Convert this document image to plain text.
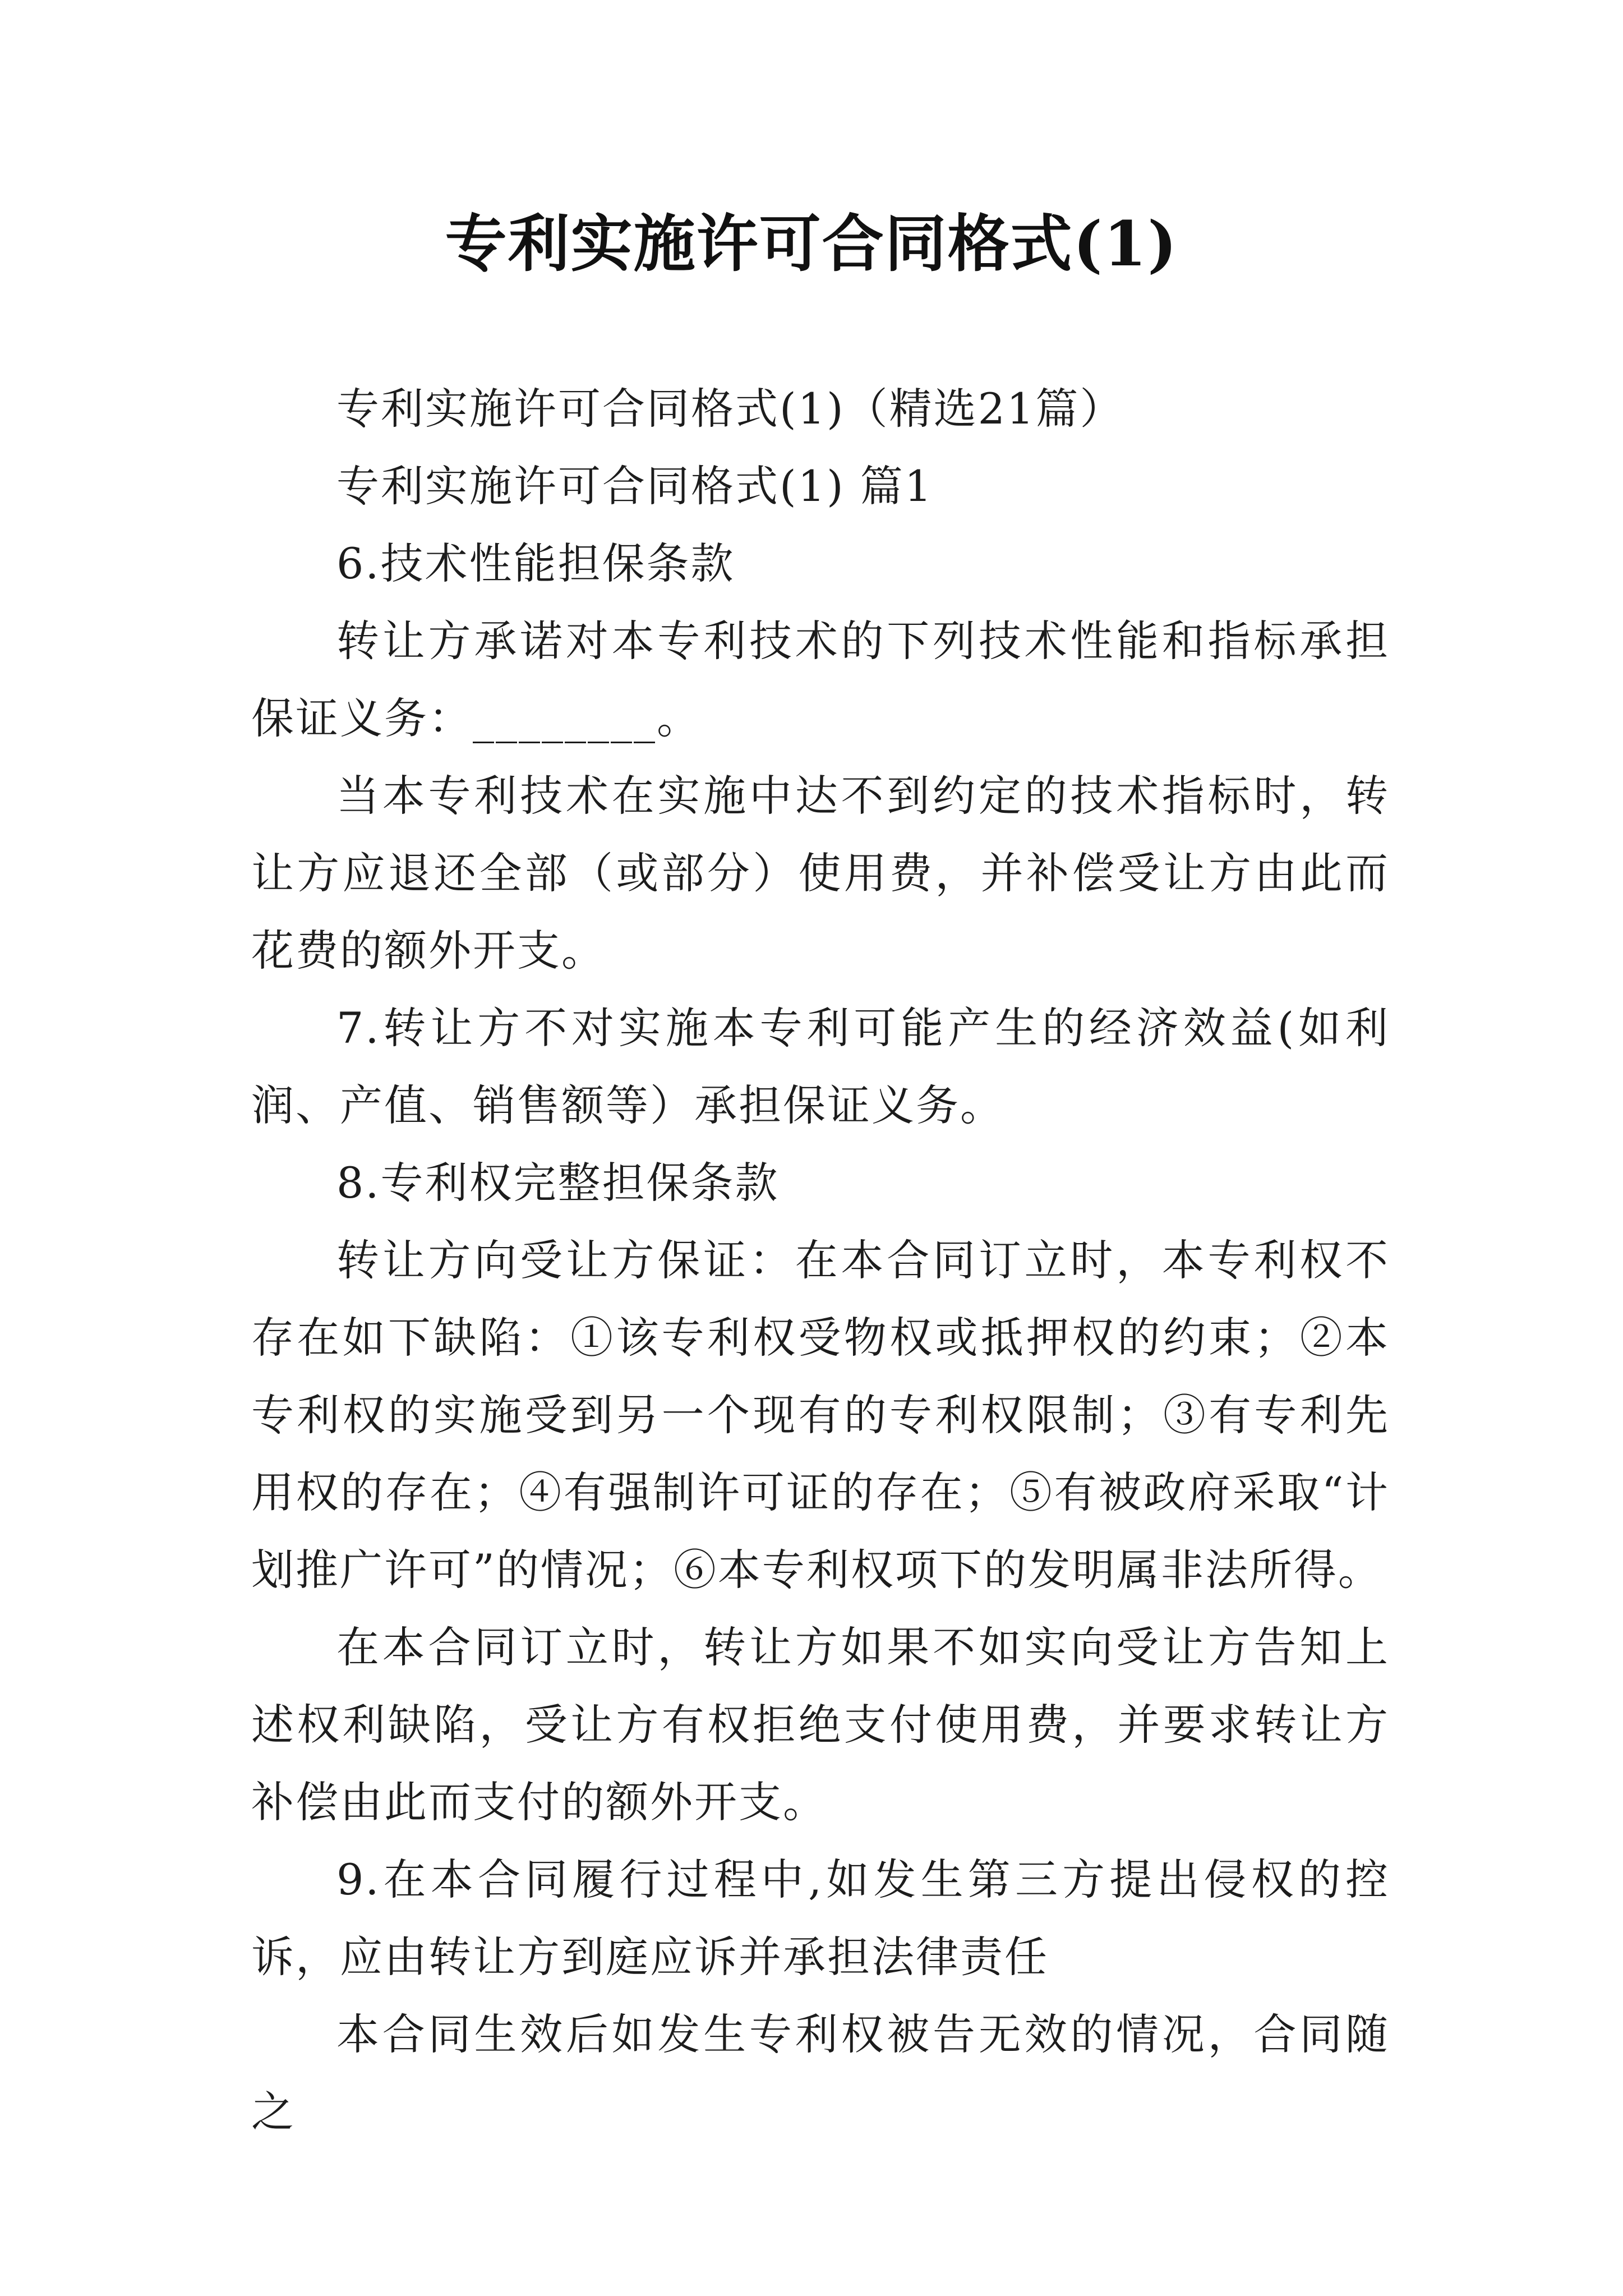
专利实施许可合同格式(1)

专利实施许可合同格式(1)（精选21篇）

专利实施许可合同格式(1) 篇1

6.技术性能担保条款

转让方承诺对本专利技术的下列技术性能和指标承担保证义务：________。

当本专利技术在实施中达不到约定的技术指标时，转让方应退还全部（或部分）使用费，并补偿受让方由此而花费的额外开支。

7.转让方不对实施本专利可能产生的经济效益(如利润、产值、销售额等）承担保证义务。

8.专利权完整担保条款

转让方向受让方保证：在本合同订立时，本专利权不存在如下缺陷：①该专利权受物权或抵押权的约束；②本专利权的实施受到另一个现有的专利权限制；③有专利先用权的存在；④有强制许可证的存在；⑤有被政府采取“计划推广许可”的情况；⑥本专利权项下的发明属非法所得。

在本合同订立时，转让方如果不如实向受让方告知上述权利缺陷，受让方有权拒绝支付使用费，并要求转让方补偿由此而支付的额外开支。

9.在本合同履行过程中,如发生第三方提出侵权的控诉，应由转让方到庭应诉并承担法律责任

本合同生效后如发生专利权被告无效的情况，合同随之
